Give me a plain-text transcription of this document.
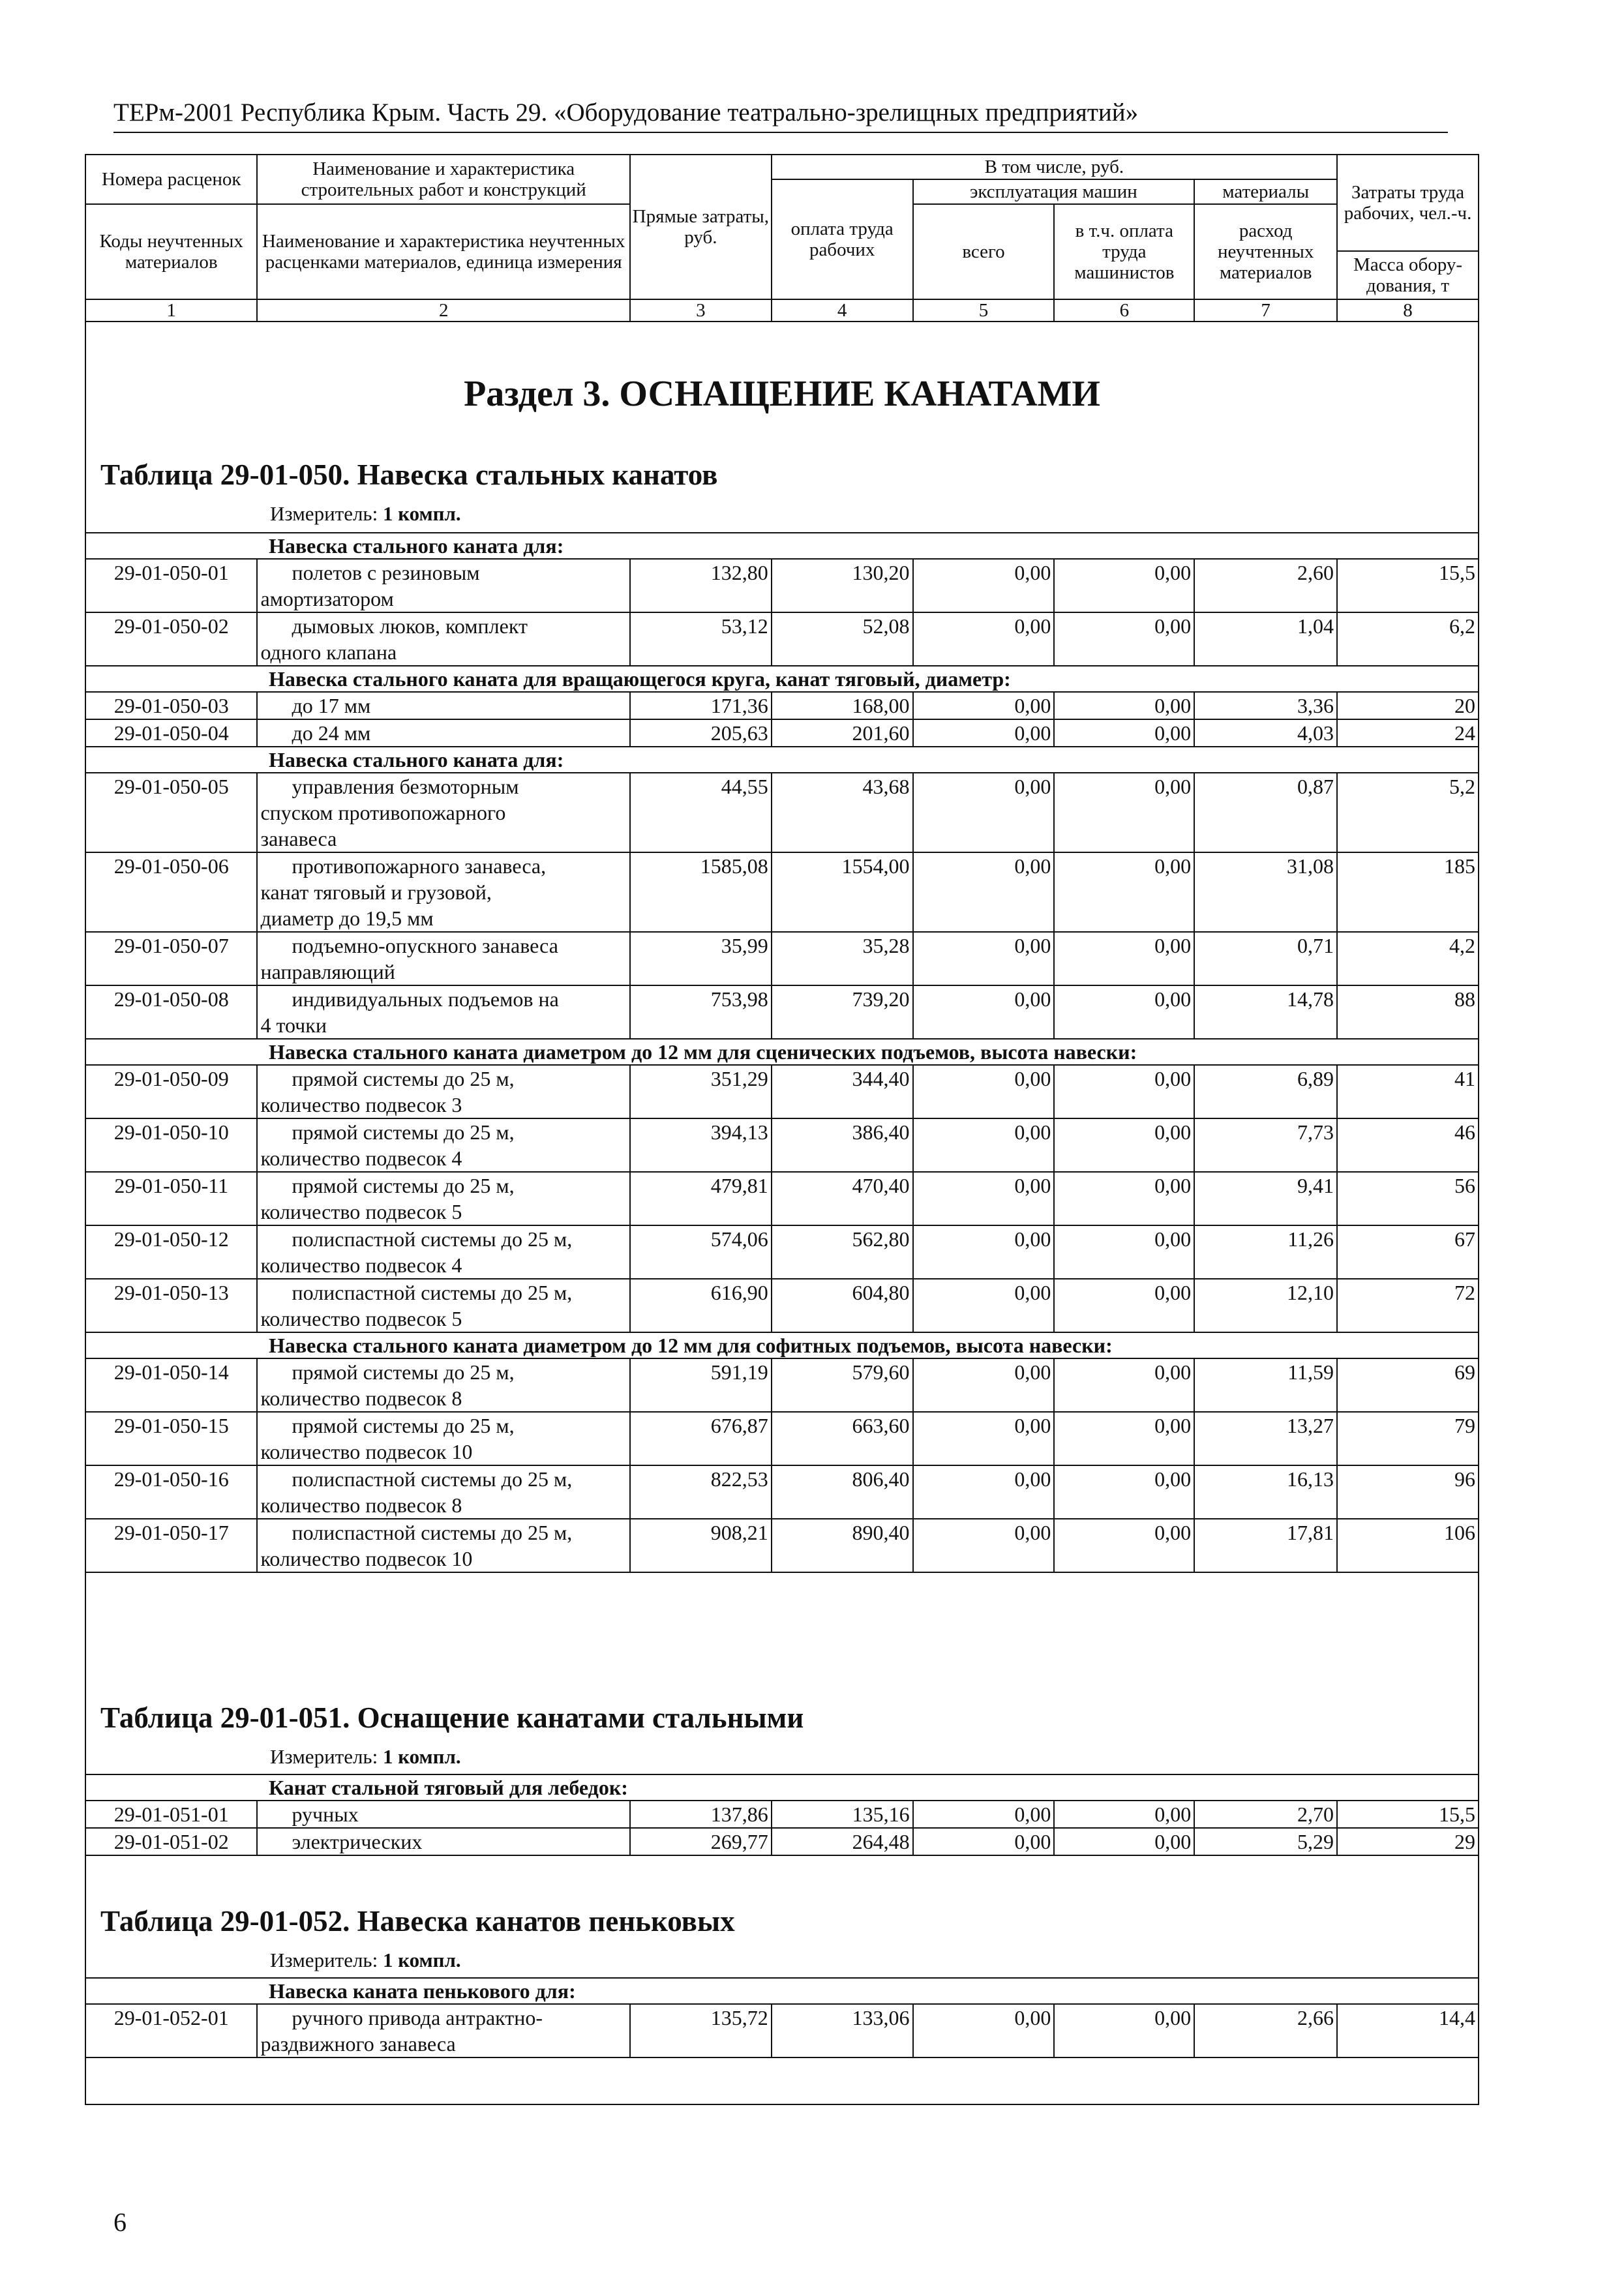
ТЕРм-2001 Республика Крым. Часть 29. «Оборудование театрально-зрелищных предприятий»
Номера расценок	Наименование и характеристика строительных работ и конструкций	Прямые затраты, руб.	В том числе, руб.				Затраты труда рабочих, чел.-ч.
			оплата труда рабочих	эксплуатация машин		материалы	
Коды неучтенных материалов	Наименование и характеристика неучтенных расценками материалов, единица измерения			всего	в т.ч. оплата труда машинистов	расход неучтенных материалов	
							Масса обору-дования, т
1	2	3	4	5	6	7	8
Раздел 3. ОСНАЩЕНИЕ КАНАТАМИ
Таблица 29-01-050. Навеска стальных канатов
Измеритель: 1 компл.
Навеска стального каната для:							
29-01-050-01	полетов с резиновым
амортизатором	132,80	130,20	0,00	0,00	2,60	15,5
29-01-050-02	дымовых люков, комплект
одного клапана	53,12	52,08	0,00	0,00	1,04	6,2
Навеска стального каната для вращающегося круга, канат тяговый, диаметр:							
29-01-050-03	до 17 мм	171,36	168,00	0,00	0,00	3,36	20
29-01-050-04	до 24 мм	205,63	201,60	0,00	0,00	4,03	24
Навеска стального каната для:							
29-01-050-05	управления безмоторным
спуском противопожарного
занавеса	44,55	43,68	0,00	0,00	0,87	5,2
29-01-050-06	противопожарного занавеса,
канат тяговый и грузовой,
диаметр до 19,5 мм	1585,08	1554,00	0,00	0,00	31,08	185
29-01-050-07	подъемно-опускного занавеса
направляющий	35,99	35,28	0,00	0,00	0,71	4,2
29-01-050-08	индивидуальных подъемов на
4 точки	753,98	739,20	0,00	0,00	14,78	88
Навеска стального каната диаметром до 12 мм для сценических подъемов, высота навески:							
29-01-050-09	прямой системы до 25 м,
количество подвесок 3	351,29	344,40	0,00	0,00	6,89	41
29-01-050-10	прямой системы до 25 м,
количество подвесок 4	394,13	386,40	0,00	0,00	7,73	46
29-01-050-11	прямой системы до 25 м,
количество подвесок 5	479,81	470,40	0,00	0,00	9,41	56
29-01-050-12	полиспастной системы до 25 м,
количество подвесок 4	574,06	562,80	0,00	0,00	11,26	67
29-01-050-13	полиспастной системы до 25 м,
количество подвесок 5	616,90	604,80	0,00	0,00	12,10	72
Навеска стального каната диаметром до 12 мм для софитных подъемов, высота навески:							
29-01-050-14	прямой системы до 25 м,
количество подвесок 8	591,19	579,60	0,00	0,00	11,59	69
29-01-050-15	прямой системы до 25 м,
количество подвесок 10	676,87	663,60	0,00	0,00	13,27	79
29-01-050-16	полиспастной системы до 25 м,
количество подвесок 8	822,53	806,40	0,00	0,00	16,13	96
29-01-050-17	полиспастной системы до 25 м,
количество подвесок 10	908,21	890,40	0,00	0,00	17,81	106
Таблица 29-01-051. Оснащение канатами стальными
Измеритель: 1 компл.
Канат стальной тяговый для лебедок:							
29-01-051-01	ручных	137,86	135,16	0,00	0,00	2,70	15,5
29-01-051-02	электрических	269,77	264,48	0,00	0,00	5,29	29
Таблица 29-01-052. Навеска канатов пеньковых
Измеритель: 1 компл.
Навеска каната пенькового для:
29-01-052-01	ручного привода антрактно-
раздвижного занавеса	135,72	133,06	0,00	0,00	2,66	14,4
6
